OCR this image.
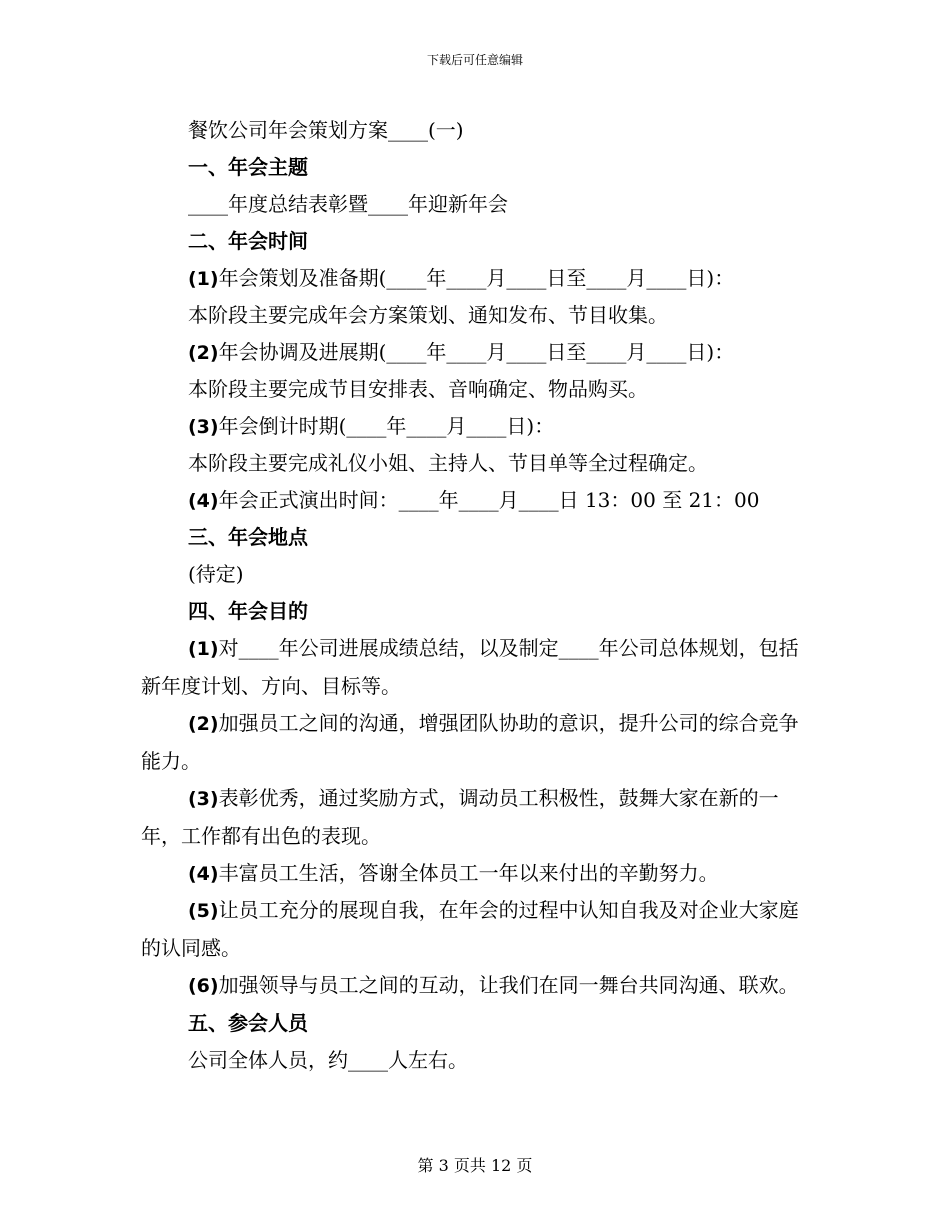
下载后可任意编辑
餐饮公司年会策划方案____(一)
一、年会主题
____年度总结表彰暨____年迎新年会
二、年会时间
(1)年会策划及准备期(____年____月____日至____月____日)：
本阶段主要完成年会方案策划、通知发布、节目收集。
(2)年会协调及进展期(____年____月____日至____月____日)：
本阶段主要完成节目安排表、音响确定、物品购买。
(3)年会倒计时期(____年____月____日)：
本阶段主要完成礼仪小姐、主持人、节目单等全过程确定。
(4)年会正式演出时间：____年____月____日 13：00 至 21：00
三、年会地点
(待定)
四、年会目的
(1)对____年公司进展成绩总结，以及制定____年公司总体规划，包括新年度计划、方向、目标等。
(2)加强员工之间的沟通，增强团队协助的意识，提升公司的综合竞争能力。
(3)表彰优秀，通过奖励方式，调动员工积极性，鼓舞大家在新的一年，工作都有出色的表现。
(4)丰富员工生活，答谢全体员工一年以来付出的辛勤努力。
(5)让员工充分的展现自我，在年会的过程中认知自我及对企业大家庭的认同感。
(6)加强领导与员工之间的互动，让我们在同一舞台共同沟通、联欢。
五、参会人员
公司全体人员，约____人左右。
第 3 页共 12 页
